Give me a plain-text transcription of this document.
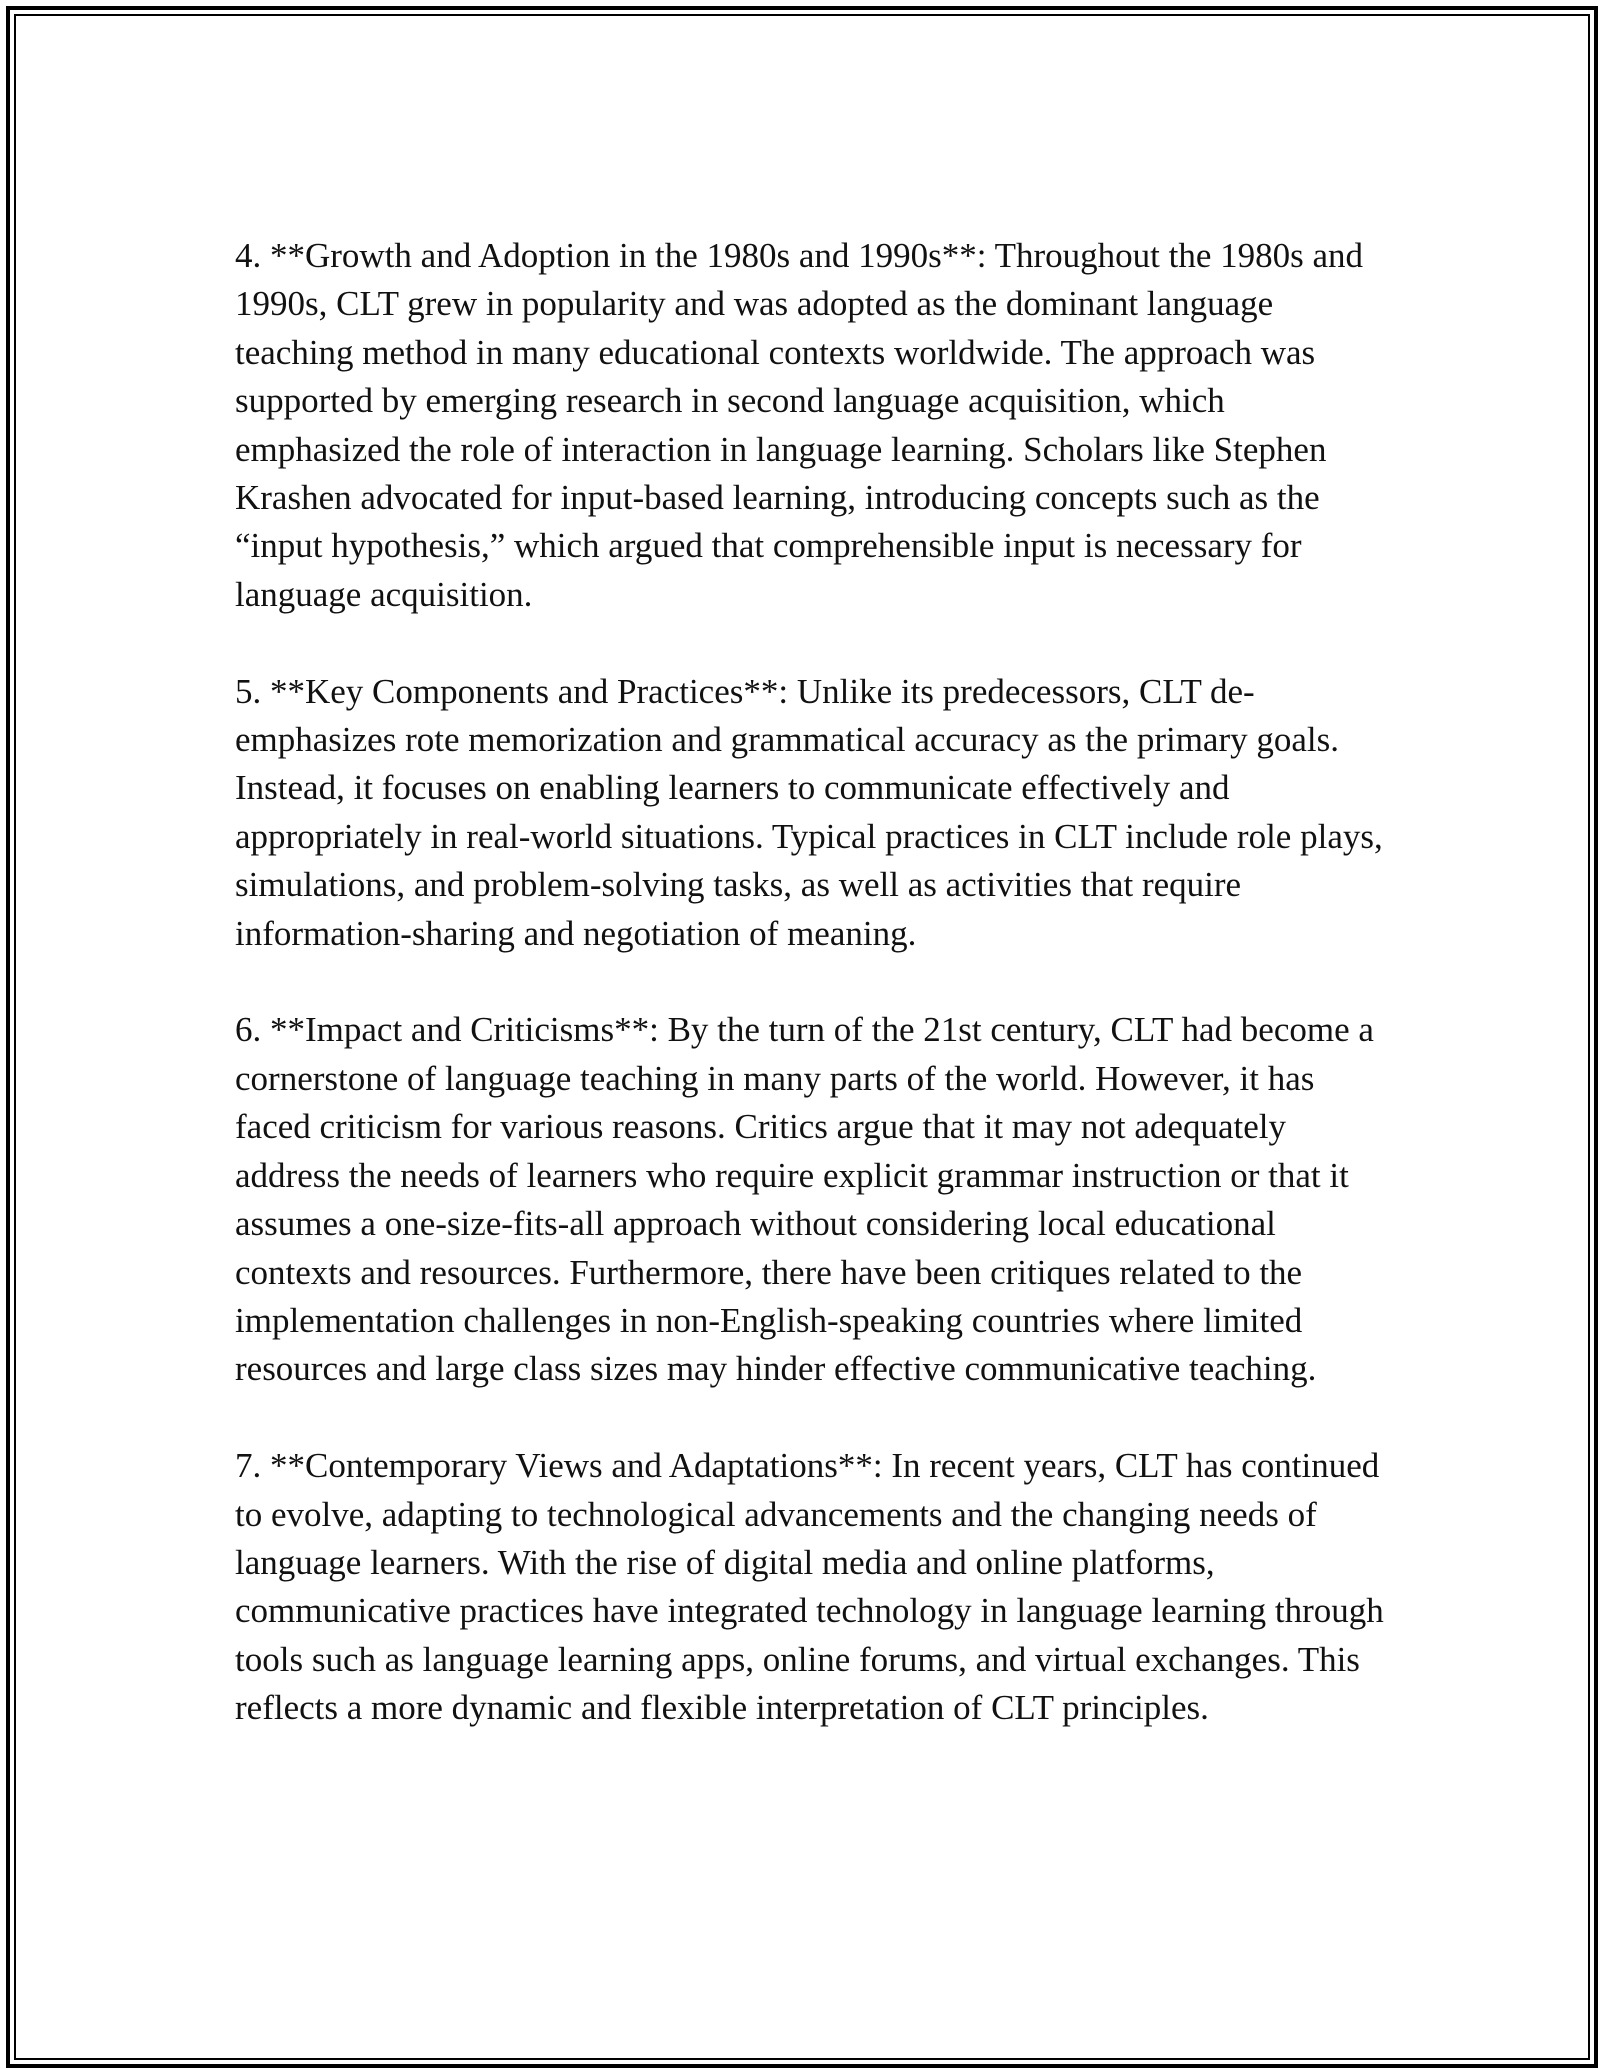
4. **Growth and Adoption in the 1980s and 1990s**: Throughout the 1980s and 1990s, CLT grew in popularity and was adopted as the dominant language teaching method in many educational contexts worldwide. The approach was supported by emerging research in second language acquisition, which emphasized the role of interaction in language learning. Scholars like Stephen Krashen advocated for input-based learning, introducing concepts such as the “input hypothesis,” which argued that comprehensible input is necessary for language acquisition.

5. **Key Components and Practices**: Unlike its predecessors, CLT de-emphasizes rote memorization and grammatical accuracy as the primary goals. Instead, it focuses on enabling learners to communicate effectively and appropriately in real-world situations. Typical practices in CLT include role plays, simulations, and problem-solving tasks, as well as activities that require information-sharing and negotiation of meaning.

6. **Impact and Criticisms**: By the turn of the 21st century, CLT had become a cornerstone of language teaching in many parts of the world. However, it has faced criticism for various reasons. Critics argue that it may not adequately address the needs of learners who require explicit grammar instruction or that it assumes a one-size-fits-all approach without considering local educational contexts and resources. Furthermore, there have been critiques related to the implementation challenges in non-English-speaking countries where limited resources and large class sizes may hinder effective communicative teaching.

7. **Contemporary Views and Adaptations**: In recent years, CLT has continued to evolve, adapting to technological advancements and the changing needs of language learners. With the rise of digital media and online platforms, communicative practices have integrated technology in language learning through tools such as language learning apps, online forums, and virtual exchanges. This reflects a more dynamic and flexible interpretation of CLT principles.
